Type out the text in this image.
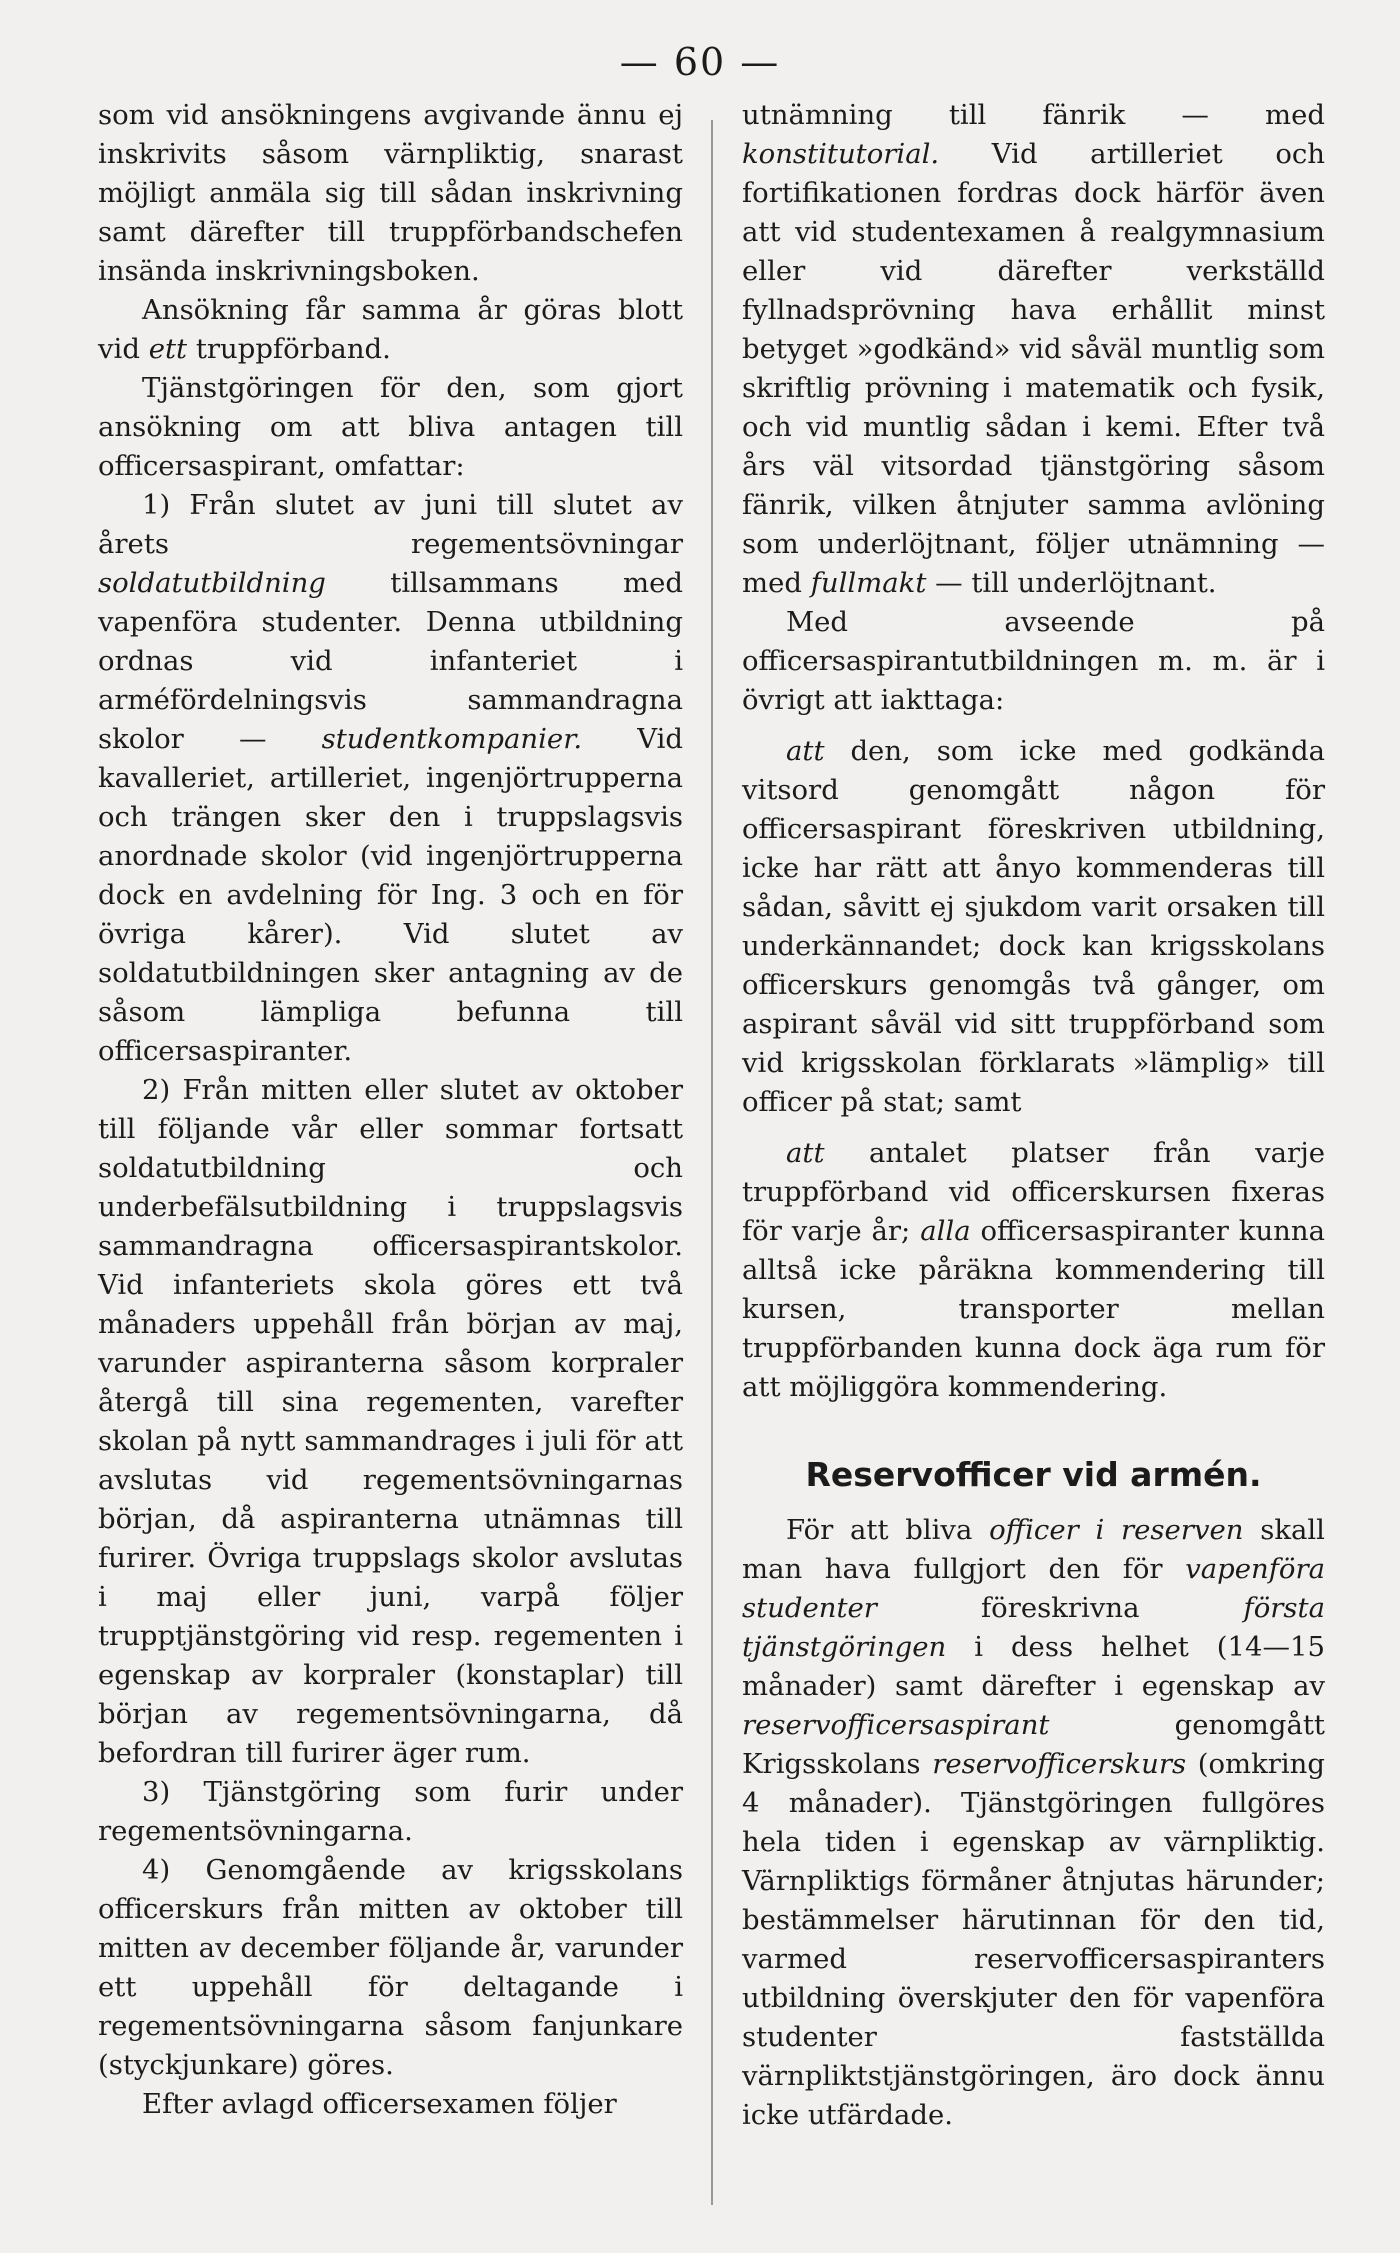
— 60 —

som vid ansökningens avgivande ännu ej inskrivits såsom värnpliktig, snarast möjligt anmäla sig till sådan inskrivning samt därefter till truppförbandschefen insända inskrivningsboken.

Ansökning får samma år göras blott vid ett truppförband.

Tjänstgöringen för den, som gjort ansökning om att bliva antagen till officersaspirant, omfattar:

1) Från slutet av juni till slutet av årets regementsövningar soldatutbildning tillsammans med vapenföra studenter. Denna utbildning ordnas vid infanteriet i arméfördelningsvis sammandragna skolor — studentkompanier. Vid kavalleriet, artilleriet, ingenjörtrupperna och trängen sker den i truppslagsvis anordnade skolor (vid ingenjörtrupperna dock en avdelning för Ing. 3 och en för övriga kårer). Vid slutet av soldatutbildningen sker antagning av de såsom lämpliga befunna till officersaspiranter.

2) Från mitten eller slutet av oktober till följande vår eller sommar fortsatt soldatutbildning och underbefälsutbildning i truppslagsvis sammandragna officersaspirantskolor. Vid infanteriets skola göres ett två månaders uppehåll från början av maj, varunder aspiranterna såsom korpraler återgå till sina regementen, varefter skolan på nytt sammandrages i juli för att avslutas vid regementsövningarnas början, då aspiranterna utnämnas till furirer. Övriga truppslags skolor avslutas i maj eller juni, varpå följer trupptjänstgöring vid resp. regementen i egenskap av korpraler (konstaplar) till början av regementsövningarna, då befordran till furirer äger rum.

3) Tjänstgöring som furir under regementsövningarna.

4) Genomgående av krigsskolans officerskurs från mitten av oktober till mitten av december följande år, varunder ett uppehåll för deltagande i regementsövningarna såsom fanjunkare (styckjunkare) göres.

Efter avlagd officersexamen följer

utnämning till fänrik — med konstitutorial. Vid artilleriet och fortifikationen fordras dock härför även att vid studentexamen å realgymnasium eller vid därefter verkställd fyllnadsprövning hava erhållit minst betyget »godkänd» vid såväl muntlig som skriftlig prövning i matematik och fysik, och vid muntlig sådan i kemi. Efter två års väl vitsordad tjänstgöring såsom fänrik, vilken åtnjuter samma avlöning som underlöjtnant, följer utnämning — med fullmakt — till underlöjtnant.

Med avseende på officersaspirantutbildningen m. m. är i övrigt att iakttaga:

att den, som icke med godkända vitsord genomgått någon för officersaspirant föreskriven utbildning, icke har rätt att ånyo kommenderas till sådan, såvitt ej sjukdom varit orsaken till underkännandet; dock kan krigsskolans officerskurs genomgås två gånger, om aspirant såväl vid sitt truppförband som vid krigsskolan förklarats »lämplig» till officer på stat; samt

att antalet platser från varje truppförband vid officerskursen fixeras för varje år; alla officersaspiranter kunna alltså icke påräkna kommendering till kursen, transporter mellan truppförbanden kunna dock äga rum för att möjliggöra kommendering.

Reservofficer vid armén.

För att bliva officer i reserven skall man hava fullgjort den för vapenföra studenter föreskrivna första tjänstgöringen i dess helhet (14—15 månader) samt därefter i egenskap av reservofficersaspirant genomgått Krigsskolans reservofficerskurs (omkring 4 månader). Tjänstgöringen fullgöres hela tiden i egenskap av värnpliktig. Värnpliktigs förmåner åtnjutas härunder; bestämmelser härutinnan för den tid, varmed reservofficersaspiranters utbildning överskjuter den för vapenföra studenter fastställda värnpliktstjänstgöringen, äro dock ännu icke utfärdade.
